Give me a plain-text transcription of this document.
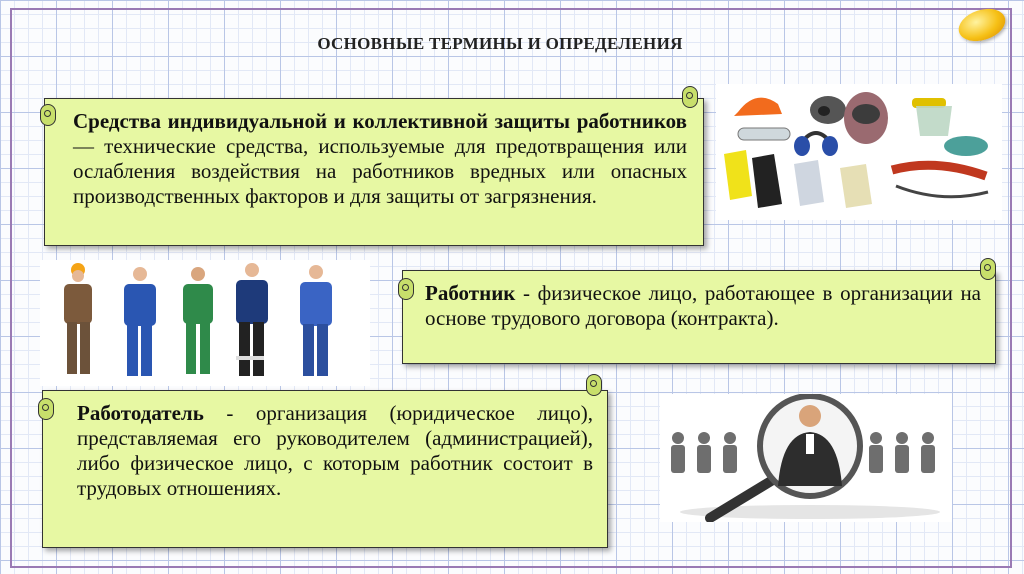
ОСНОВНЫЕ ТЕРМИНЫ И ОПРЕДЕЛЕНИЯ
Средства индивидуальной и коллективной защиты работников — технические средства, используемые для предотвращения или ослабления воздействия на работников вредных или опасных производственных факторов и для защиты от загрязнения.
Работник - физическое лицо, работающее в организации на основе трудового договора (контракта).
Работодатель - организация (юридическое лицо), представляемая его руководителем (администрацией), либо физическое лицо, с которым работник состоит в трудовых отношениях.
